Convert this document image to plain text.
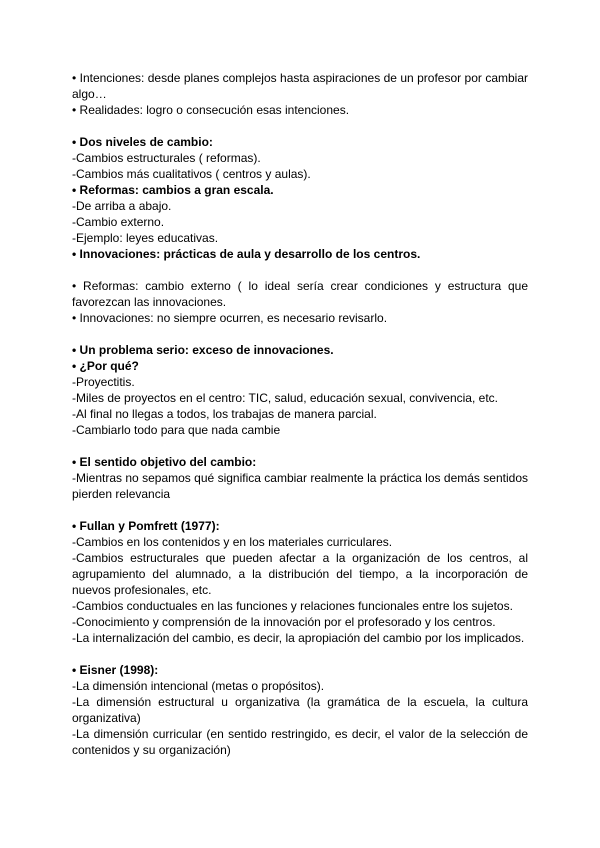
• Intenciones: desde planes complejos hasta aspiraciones de un profesor por cambiar algo…
• Realidades: logro o consecución esas intenciones.
• Dos niveles de cambio:
-Cambios estructurales ( reformas).
-Cambios más cualitativos ( centros y aulas).
• Reformas: cambios a gran escala.
-De arriba a abajo.
-Cambio externo.
-Ejemplo: leyes educativas.
• Innovaciones: prácticas de aula y desarrollo de los centros.
• Reformas: cambio externo ( lo ideal sería crear condiciones y estructura que favorezcan las innovaciones.
• Innovaciones: no siempre ocurren, es necesario revisarlo.
• Un problema serio: exceso de innovaciones.
• ¿Por qué?
-Proyectitis.
-Miles de proyectos en el centro: TIC, salud, educación sexual, convivencia, etc.
-Al final no llegas a todos, los trabajas de manera parcial.
-Cambiarlo todo para que nada cambie
• El sentido objetivo del cambio:
-Mientras no sepamos qué significa cambiar realmente la práctica los demás sentidos pierden relevancia
• Fullan y Pomfrett (1977):
-Cambios en los contenidos y en los materiales curriculares.
-Cambios estructurales que pueden afectar a la organización de los centros, al agrupamiento del alumnado, a la distribución del tiempo, a la incorporación de nuevos profesionales, etc.
-Cambios conductuales en las funciones y relaciones funcionales entre los sujetos.
-Conocimiento y comprensión de la innovación por el profesorado y los centros.
-La internalización del cambio, es decir, la apropiación del cambio por los implicados.
• Eisner (1998):
-La dimensión intencional (metas o propósitos).
-La dimensión estructural u organizativa (la gramática de la escuela, la cultura organizativa)
-La dimensión curricular (en sentido restringido, es decir, el valor de la selección de contenidos y su organización)
